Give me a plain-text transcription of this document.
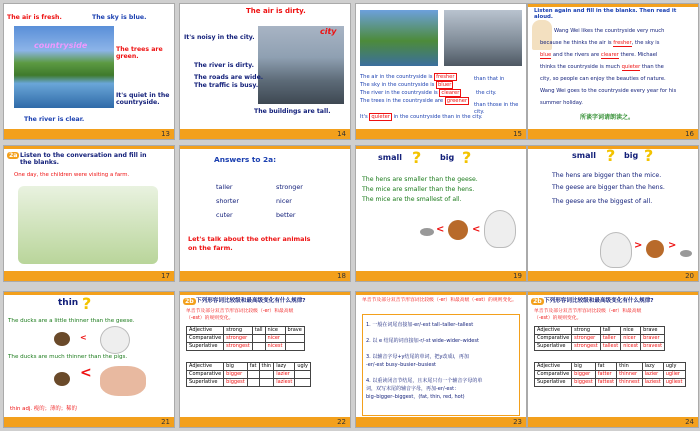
The air is fresh.	The sky is blue.
countryside	The trees are green.
It's quiet in the countryside.
The river is clear.
13
The air is dirty.
It's noisy in the city.
city
The river is dirty.
The roads are wide.
The traffic is busy.
The buildings are tall.
14
The air in the countryside is fresher	than that in
The sky in the countryside is bluer
The river in the countryside is clearer	the city.
The trees in the countryside are greener
than those in the city.
It's quieter in the countryside than in the city.
15
Listen again and fill in the blanks. Then read it aloud.
Wang Wei likes the countryside very much
because he thinks the air is fresher, the sky is
blue and the rivers are clearer there. Michael
thinks the countryside is much quieter than the
city, so people can enjoy the beauties of nature.
Wang Wei goes to the countryside every year for his
summer holiday.
所谈字词请朗读之。
16
2a Listen to the conversation and fill in
the blanks.
One day, the children were visiting a farm.
17
Answers to 2a:
taller
shorter
cuter
stronger
nicer
better
Let's talk about the other animals
on the farm.
18
small ? big ?
The hens are smaller than the geese.
The mice are smaller than the hens.
The mice are the smallest of all.
<	<
19
small ? big ?
The hens are bigger than the mice.
The geese are bigger than the hens.
The geese are the biggest of all.
>	>
20
thin ?
The ducks are a little thinner than the geese.
<
The ducks are much thinner than the pigs.
<
thin adj. 瘦的；薄的；稀的
21
2b 下列形容词比较级和最高级变化有什么规律?
单音节及部分双音节形容词比较级（-er）和最高级
（-est）的规则变化。
Adjective	strong	tall	nice	brave
Comparative	stronger		nicer	
Superlative	strongest		nicest	
Adjective	big	fat	thin	lazy	ugly
Comparative	bigger			lazier	
Superlative	biggest			laziest	
22
单音节及部分双音节形容词比较级（-er）和最高级（-est）的规则变化。
1. 一般在词尾直接加-er/-est tall–taller–tallest
2. 以 e 结尾的词直接加-r/-st wide–wider–widest
3. 以辅音字母+y结尾的单词，把y改成i，再加
-er/-est busy–busier–busiest
4. 以重读闭音节结尾，且末尾只有一个辅音字母的单
词，双写末尾的辅音字母，再加-er/-est：
big–bigger–biggest，(fat, thin, red, hot)
23
2b 下列形容词比较级和最高级变化有什么规律?
单音节及部分双音节形容词比较级（-er）和最高级
（-est）的规则变化。
Adjective	strong	tall	nice	brave
Comparative	stronger	taller	nicer	braver
Superlative	strongest	tallest	nicest	bravest
Adjective	big	fat	thin	lazy	ugly
Comparative	bigger	fatter	thinner	lazier	uglier
Superlative	biggest	fattest	thinnest	laziest	ugliest
24
